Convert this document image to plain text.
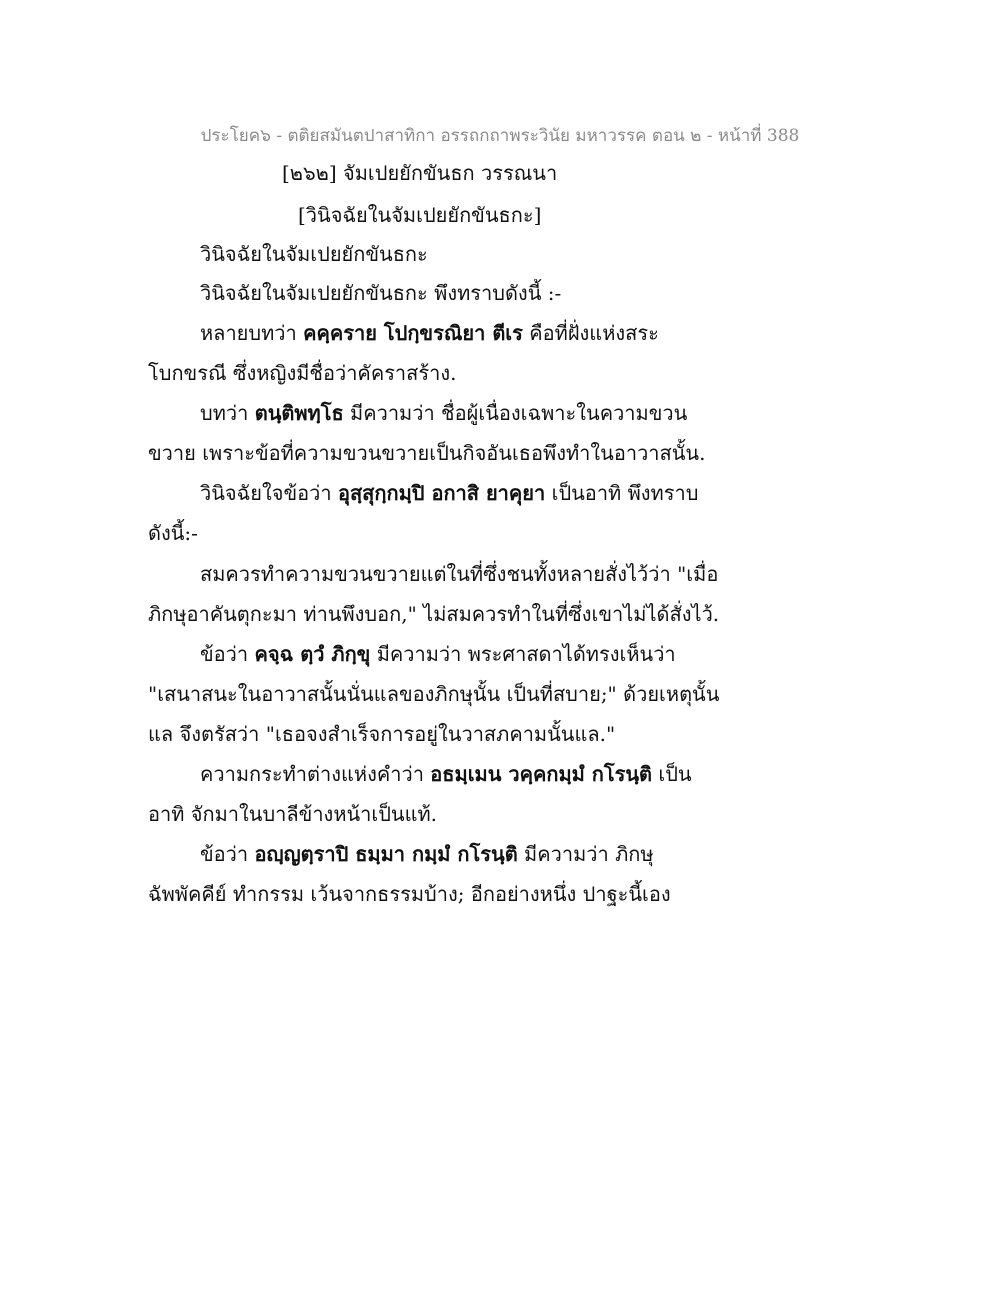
ประโยค๖ - ตติยสมันตปาสาทิกา อรรถกถาพระวินัย มหาวรรค ตอน ๒ - หน้าที่ 388
[๒๖๒] จัมเปยยักขันธก วรรณนา
[วินิจฉัยในจัมเปยยักขันธกะ]
วินิจฉัยในจัมเปยยักขันธกะ
วินิจฉัยในจัมเปยยักขันธกะ พึงทราบดังนี้ :-
หลายบทว่า คคฺคราย โปกฺขรณิยา ตีเร คือที่ฝั่งแห่งสระ
โบกขรณี ซึ่งหญิงมีชื่อว่าคัคราสร้าง.
บทว่า ตนฺติพทฺโธ มีความว่า ชื่อผู้เนื่องเฉพาะในความขวน
ขวาย เพราะข้อที่ความขวนขวายเป็นกิจอันเธอพึงทำในอาวาสนั้น.
วินิจฉัยใจข้อว่า อุสฺสุกฺกมฺปิ อกาสิ ยาคุยา เป็นอาทิ พึงทราบ
ดังนี้:-
สมควรทำความขวนขวายแต่ในที่ซึ่งชนทั้งหลายสั่งไว้ว่า "เมื่อ
ภิกษุอาคันตุกะมา ท่านพึงบอก," ไม่สมควรทำในที่ซึ่งเขาไม่ได้สั่งไว้.
ข้อว่า คจฺฉ ตฺวํ ภิกฺขุ มีความว่า พระศาสดาได้ทรงเห็นว่า
"เสนาสนะในอาวาสนั้นนั่นแลของภิกษุนั้น เป็นที่สบาย;" ด้วยเหตุนั้น
แล จึงตรัสว่า "เธอจงสำเร็จการอยู่ในวาสภคามนั้นแล."
ความกระทำต่างแห่งคำว่า อธมฺเมน วคฺคกมฺมํ กโรนฺติ เป็น
อาทิ จักมาในบาลีข้างหน้าเป็นแท้.
ข้อว่า อญฺญตฺราปิ ธมฺมา กมฺมํ กโรนฺติ มีความว่า ภิกษุ
ฉัพพัคคีย์ ทำกรรม เว้นจากธรรมบ้าง; อีกอย่างหนึ่ง ปาฐะนี้เอง
